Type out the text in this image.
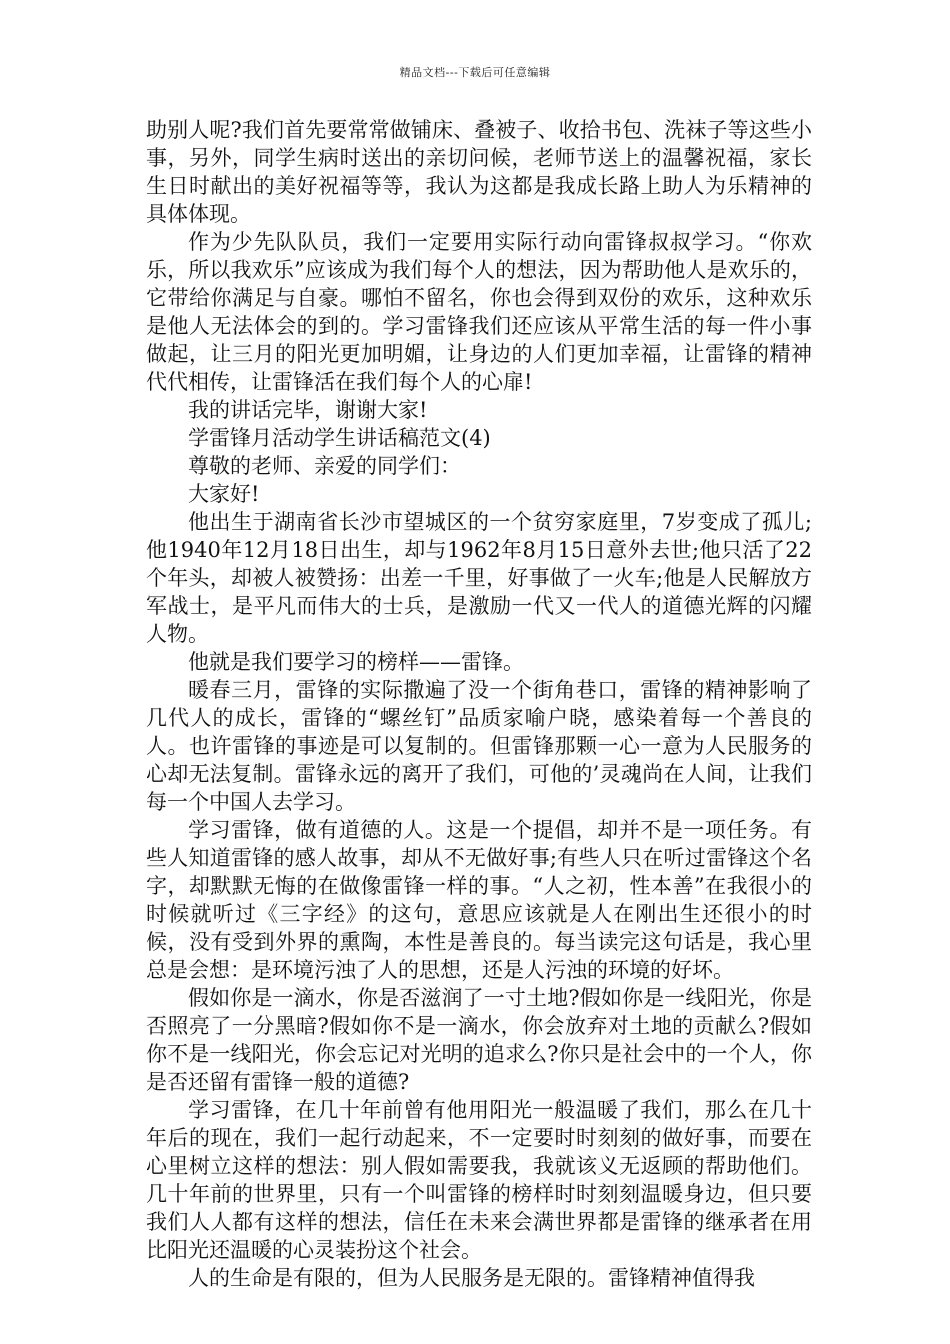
精品文档---下载后可任意编辑

助别人呢?我们首先要常常做铺床、叠被子、收拾书包、洗袜子等这些小事，另外，同学生病时送出的亲切问候，老师节送上的温馨祝福，家长生日时献出的美好祝福等等，我认为这都是我成长路上助人为乐精神的具体体现。

作为少先队队员，我们一定要用实际行动向雷锋叔叔学习。“你欢乐，所以我欢乐”应该成为我们每个人的想法，因为帮助他人是欢乐的，它带给你满足与自豪。哪怕不留名，你也会得到双份的欢乐，这种欢乐是他人无法体会的到的。学习雷锋我们还应该从平常生活的每一件小事做起，让三月的阳光更加明媚，让身边的人们更加幸福，让雷锋的精神代代相传，让雷锋活在我们每个人的心扉!

我的讲话完毕，谢谢大家!

学雷锋月活动学生讲话稿范文(4)

尊敬的老师、亲爱的同学们：

大家好!

他出生于湖南省长沙市望城区的一个贫穷家庭里，7岁变成了孤儿;他1940年12月18日出生，却与1962年8月15日意外去世;他只活了22个年头，却被人被赞扬：出差一千里，好事做了一火车;他是人民解放方军战士，是平凡而伟大的士兵，是激励一代又一代人的道德光辉的闪耀人物。

他就是我们要学习的榜样——雷锋。

暖春三月，雷锋的实际撒遍了没一个街角巷口，雷锋的精神影响了几代人的成长，雷锋的“螺丝钉”品质家喻户晓，感染着每一个善良的人。也许雷锋的事迹是可以复制的。但雷锋那颗一心一意为人民服务的心却无法复制。雷锋永远的离开了我们，可他的’灵魂尚在人间，让我们每一个中国人去学习。

学习雷锋，做有道德的人。这是一个提倡，却并不是一项任务。有些人知道雷锋的感人故事，却从不无做好事;有些人只在听过雷锋这个名字，却默默无悔的在做像雷锋一样的事。“人之初，性本善”在我很小的时候就听过《三字经》的这句，意思应该就是人在刚出生还很小的时候，没有受到外界的熏陶，本性是善良的。每当读完这句话是，我心里总是会想：是环境污浊了人的思想，还是人污浊的环境的好坏。

假如你是一滴水，你是否滋润了一寸土地?假如你是一线阳光，你是否照亮了一分黑暗?假如你不是一滴水，你会放弃对土地的贡献么?假如你不是一线阳光，你会忘记对光明的追求么?你只是社会中的一个人，你是否还留有雷锋一般的道德?

学习雷锋，在几十年前曾有他用阳光一般温暖了我们，那么在几十年后的现在，我们一起行动起来，不一定要时时刻刻的做好事，而要在心里树立这样的想法：别人假如需要我，我就该义无返顾的帮助他们。几十年前的世界里，只有一个叫雷锋的榜样时时刻刻温暖身边，但只要我们人人都有这样的想法，信任在未来会满世界都是雷锋的继承者在用比阳光还温暖的心灵装扮这个社会。

人的生命是有限的，但为人民服务是无限的。雷锋精神值得我
